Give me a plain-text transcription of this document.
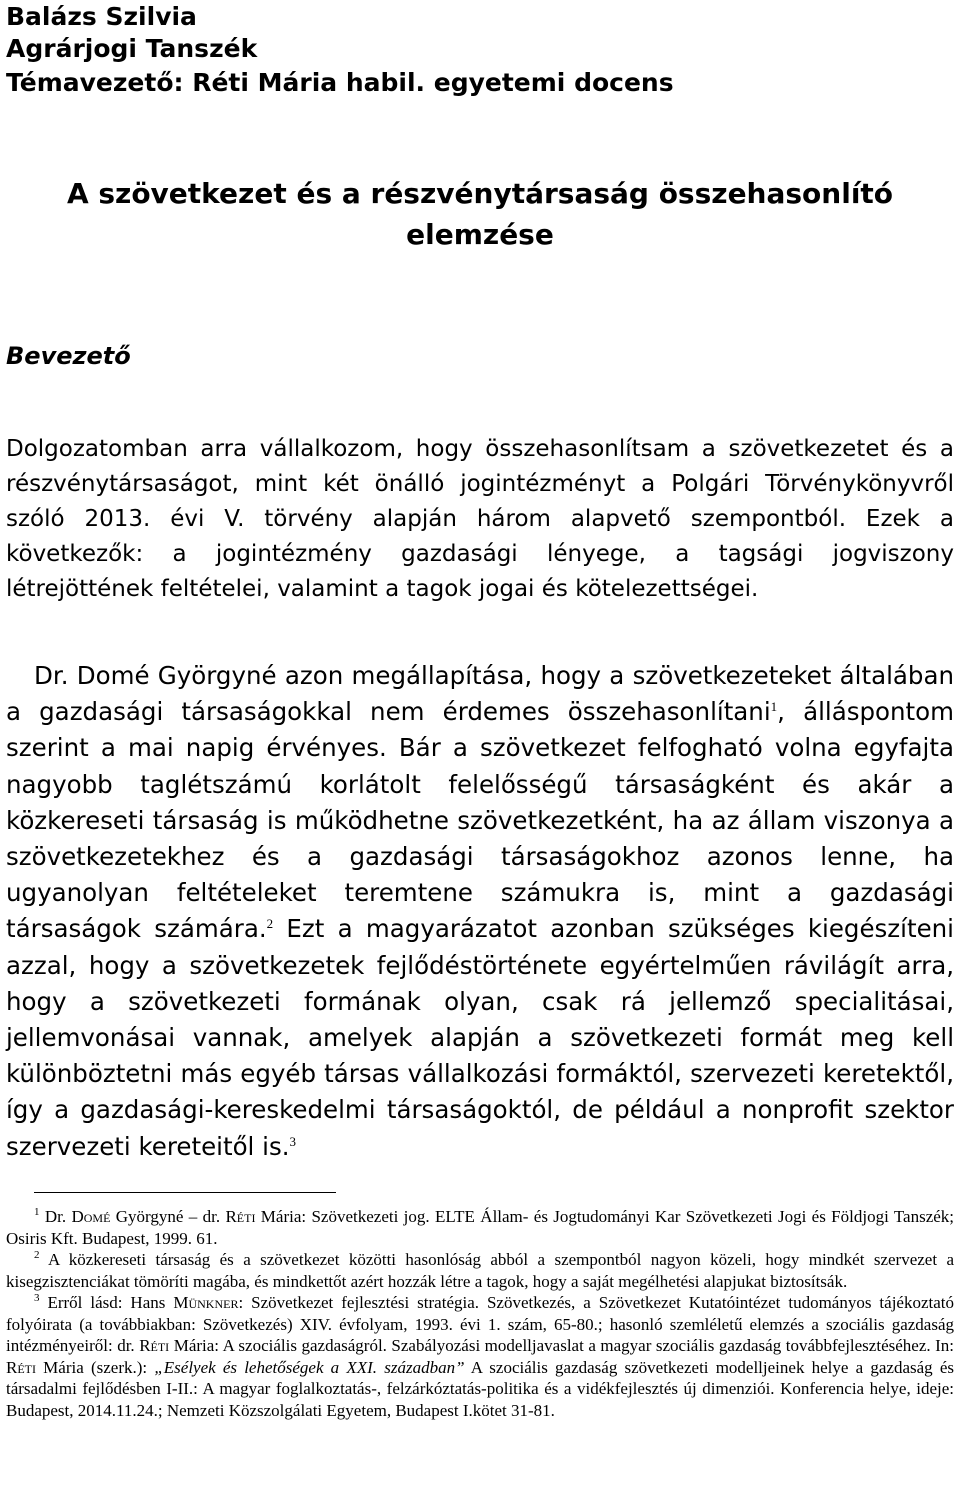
Balázs Szilvia
Agrárjogi Tanszék
Témavezető: Réti Mária habil. egyetemi docens
A szövetkezet és a részvénytársaság összehasonlító
elemzése
Bevezető

Dolgozatomban arra vállalkozom, hogy összehasonlítsam a szövetkezetet és a részvénytársaságot, mint két önálló jogintézményt a Polgári Törvénykönyvről szóló 2013. évi V. törvény alapján három alapvető szempontból. Ezek a következők: a jogintézmény gazdasági lényege, a tagsági jogviszony létrejöttének feltételei, valamint a tagok jogai és kötelezettségei.

Dr. Domé Györgyné azon megállapítása, hogy a szövetkezeteket általában a gazdasági társaságokkal nem érdemes összehasonlítani$^1$, álláspontom szerint a mai napig érvényes. Bár a szövetkezet felfogható volna egyfajta nagyobb taglétszámú korlátolt felelősségű társaságként és akár a közkereseti társaság is működhetne szövetkezetként, ha az állam viszonya a szövetkezetekhez és a gazdasági társaságokhoz azonos lenne, ha ugyanolyan feltételeket teremtene számukra is, mint a gazdasági társaságok számára.$^2$ Ezt a magyarázatot azonban szükséges kiegészíteni azzal, hogy a szövetkezetek fejlődéstörténete egyértelműen rávilágít arra, hogy a szövetkezeti formának olyan, csak rá jellemző specialitásai, jellemvonásai vannak, amelyek alapján a szövetkezeti formát meg kell különböztetni más egyéb társas vállalkozási formáktól, szervezeti keretektől, így a gazdasági-kereskedelmi társaságoktól, de például a nonprofit szektor szervezeti kereteitől is.$^3$

$^1$ Dr. Domé Györgyné – dr. Réti Mária: Szövetkezeti jog. ELTE Állam- és Jogtudományi Kar Szövetkezeti Jogi és Földjogi Tanszék; Osiris Kft. Budapest, 1999. 61.

$^2$ A közkereseti társaság és a szövetkezet közötti hasonlóság abból a szempontból nagyon közeli, hogy mindkét szervezet a kisegzisztenciákat tömöríti magába, és mindkettőt azért hozzák létre a tagok, hogy a saját megélhetési alapjukat biztosítsák.

$^3$ Erről lásd: Hans Münkner: Szövetkezet fejlesztési stratégia. Szövetkezés, a Szövetkezet Kutatóintézet tudományos tájékoztató folyóirata (a továbbiakban: Szövetkezés) XIV. évfolyam, 1993. évi 1. szám, 65-80.; hasonló szemléletű elemzés a szociális gazdaság intézményeiről: dr. Réti Mária: A szociális gazdaságról. Szabályozási modelljavaslat a magyar szociális gazdaság továbbfejlesztéséhez. In: Réti Mária (szerk.): „Esélyek és lehetőségek a XXI. században” A szociális gazdaság szövetkezeti modelljeinek helye a gazdaság és társadalmi fejlődésben I-II.: A magyar foglalkoztatás-, felzárkóztatás-politika és a vidékfejlesztés új dimenziói. Konferencia helye, ideje: Budapest, 2014.11.24.; Nemzeti Közszolgálati Egyetem, Budapest I.kötet 31-81.
